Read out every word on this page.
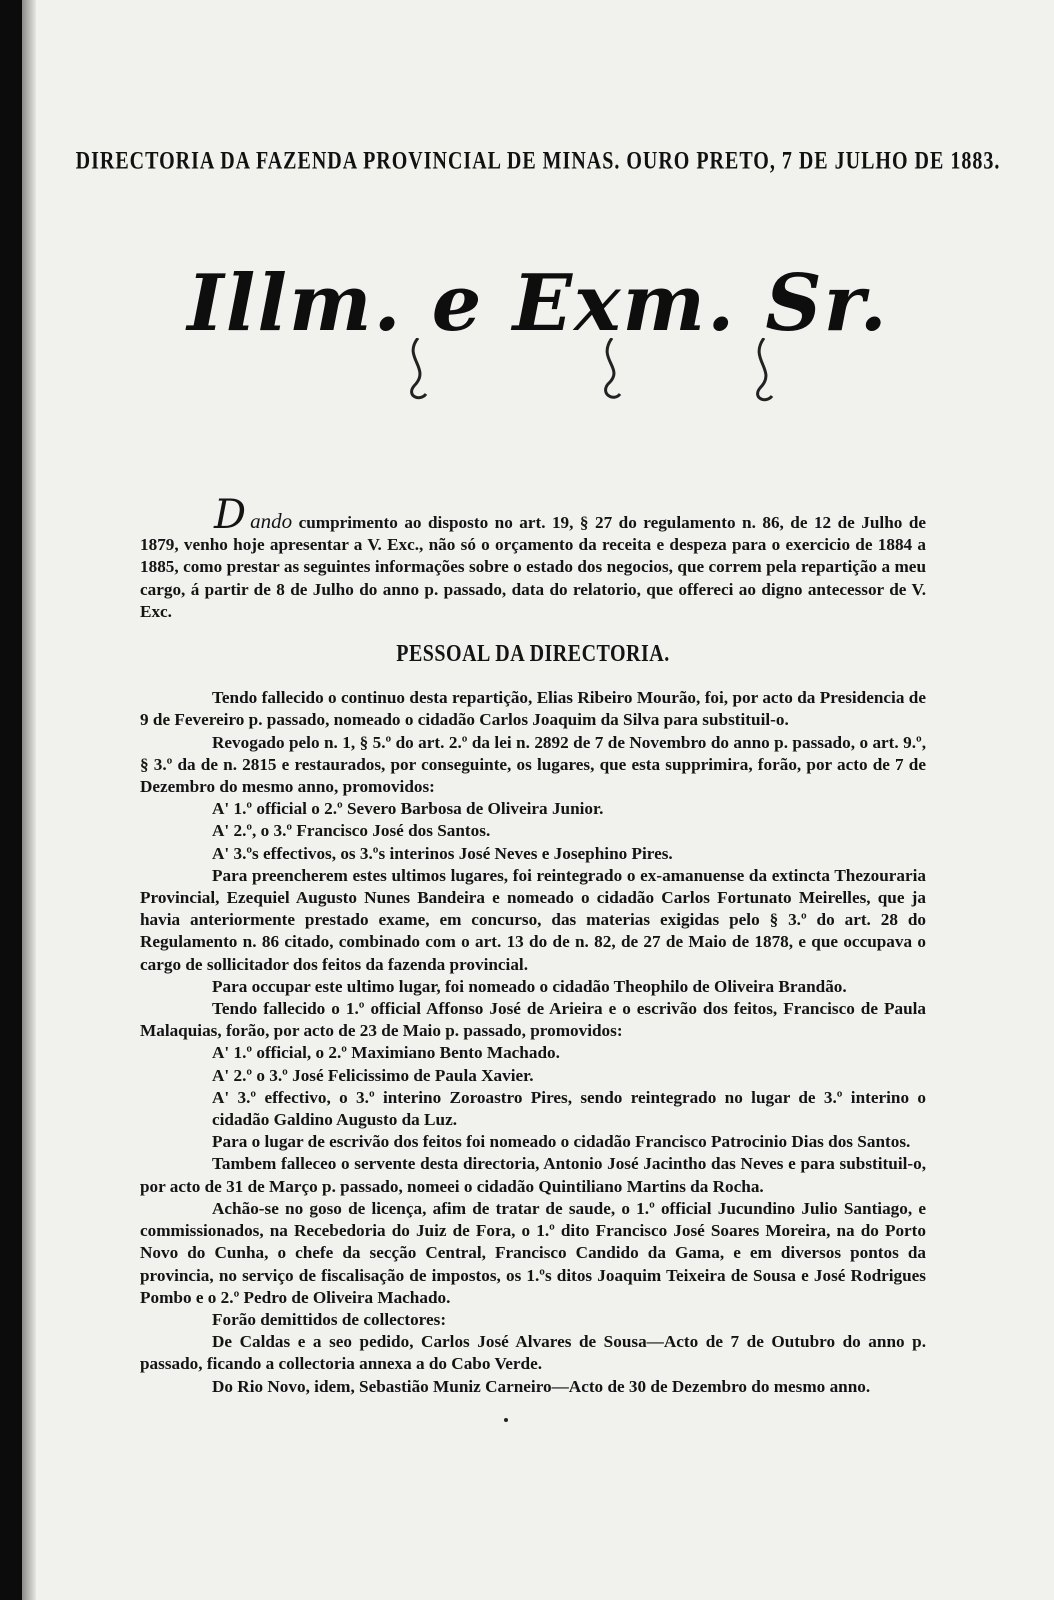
DIRECTORIA DA FAZENDA PROVINCIAL DE MINAS. OURO PRETO, 7 DE JULHO DE 1883.
Illm. e Exm. Sr.

Dando cumprimento ao disposto no art. 19, § 27 do regulamento n. 86, de 12 de Julho de 1879, venho hoje apresentar a V. Exc., não só o orçamento da receita e despeza para o exercicio de 1884 a 1885, como prestar as seguintes informações sobre o estado dos negocios, que correm pela repartição a meu cargo, á partir de 8 de Julho do anno p. passado, data do relatorio, que offereci ao digno antecessor de V. Exc.

PESSOAL DA DIRECTORIA.

Tendo fallecido o continuo desta repartição, Elias Ribeiro Mourão, foi, por acto da Presidencia de 9 de Fevereiro p. passado, nomeado o cidadão Carlos Joaquim da Silva para substituil-o.

Revogado pelo n. 1, § 5.º do art. 2.º da lei n. 2892 de 7 de Novembro do anno p. passado, o art. 9.º, § 3.º da de n. 2815 e restaurados, por conseguinte, os lugares, que esta supprimira, forão, por acto de 7 de Dezembro do mesmo anno, promovidos:

A' 1.º official o 2.º Severo Barbosa de Oliveira Junior.

A' 2.º, o 3.º Francisco José dos Santos.

A' 3.ºs effectivos, os 3.ºs interinos José Neves e Josephino Pires.

Para preencherem estes ultimos lugares, foi reintegrado o ex-amanuense da extincta Thezouraria Provincial, Ezequiel Augusto Nunes Bandeira e nomeado o cidadão Carlos Fortunato Meirelles, que ja havia anteriormente prestado exame, em concurso, das materias exigidas pelo § 3.º do art. 28 do Regulamento n. 86 citado, combinado com o art. 13 do de n. 82, de 27 de Maio de 1878, e que occupava o cargo de sollicitador dos feitos da fazenda provincial.

Para occupar este ultimo lugar, foi nomeado o cidadão Theophilo de Oliveira Brandão.

Tendo fallecido o 1.º official Affonso José de Arieira e o escrivão dos feitos, Francisco de Paula Malaquias, forão, por acto de 23 de Maio p. passado, promovidos:

A' 1.º official, o 2.º Maximiano Bento Machado.

A' 2.º o 3.º José Felicissimo de Paula Xavier.

A' 3.º effectivo, o 3.º interino Zoroastro Pires, sendo reintegrado no lugar de 3.º interino o cidadão Galdino Augusto da Luz.

Para o lugar de escrivão dos feitos foi nomeado o cidadão Francisco Patrocinio Dias dos Santos.

Tambem falleceo o servente desta directoria, Antonio José Jacintho das Neves e para substituil-o, por acto de 31 de Março p. passado, nomeei o cidadão Quintiliano Martins da Rocha.

Achão-se no goso de licença, afim de tratar de saude, o 1.º official Jucundino Julio Santiago, e commissionados, na Recebedoria do Juiz de Fora, o 1.º dito Francisco José Soares Moreira, na do Porto Novo do Cunha, o chefe da secção Central, Francisco Candido da Gama, e em diversos pontos da provincia, no serviço de fiscalisação de impostos, os 1.ºs ditos Joaquim Teixeira de Sousa e José Rodrigues Pombo e o 2.º Pedro de Oliveira Machado.

Forão demittidos de collectores:

De Caldas e a seo pedido, Carlos José Alvares de Sousa—Acto de 7 de Outubro do anno p. passado, ficando a collectoria annexa a do Cabo Verde.

Do Rio Novo, idem, Sebastião Muniz Carneiro—Acto de 30 de Dezembro do mesmo anno.
